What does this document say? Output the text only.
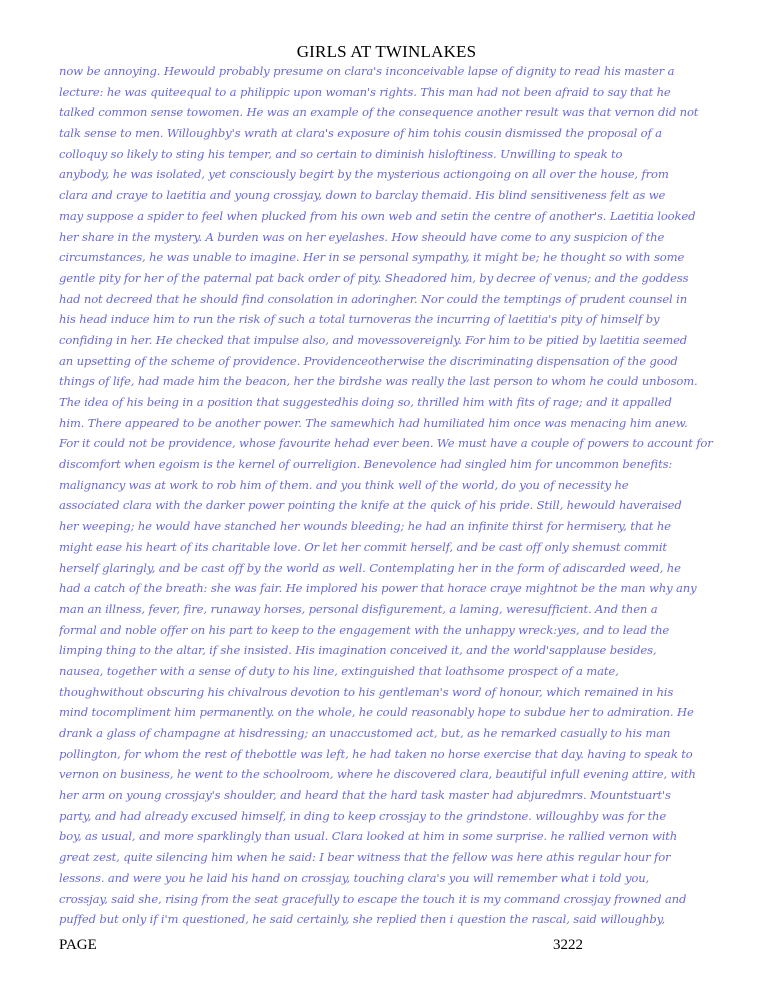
GIRLS AT TWINLAKES
now be annoying. Hewould probably presume on clara's inconceivable lapse of dignity to read his master a
lecture: he was quiteequal to a philippic upon woman's rights. This man had not been afraid to say that he
talked common sense towomen. He was an example of the consequence another result was that vernon did not
talk sense to men. Willoughby's wrath at clara's exposure of him tohis cousin dismissed the proposal of a
colloquy so likely to sting his temper, and so certain to diminish hisloftiness. Unwilling to speak to
anybody, he was isolated, yet consciously begirt by the mysterious actiongoing on all over the house, from
clara and craye to laetitia and young crossjay, down to barclay themaid. His blind sensitiveness felt as we
may suppose a spider to feel when plucked from his own web and setin the centre of another's. Laetitia looked
her share in the mystery. A burden was on her eyelashes. How sheould have come to any suspicion of the
circumstances, he was unable to imagine. Her in se personal sympathy, it might be; he thought so with some
gentle pity for her of the paternal pat back order of pity. Sheadored him, by decree of venus; and the goddess
had not decreed that he should find consolation in adoringher. Nor could the temptings of prudent counsel in
his head induce him to run the risk of such a total turnoveras the incurring of laetitia's pity of himself by
confiding in her. He checked that impulse also, and movessovereignly. For him to be pitied by laetitia seemed
an upsetting of the scheme of providence. Providenceotherwise the discriminating dispensation of the good
things of life, had made him the beacon, her the birdshe was really the last person to whom he could unbosom.
The idea of his being in a position that suggestedhis doing so, thrilled him with fits of rage; and it appalled
him. There appeared to be another power. The samewhich had humiliated him once was menacing him anew.
For it could not be providence, whose favourite hehad ever been. We must have a couple of powers to account for
discomfort when egoism is the kernel of ourreligion. Benevolence had singled him for uncommon benefits:
malignancy was at work to rob him of them. and you think well of the world, do you of necessity he
associated clara with the darker power pointing the knife at the quick of his pride. Still, hewould haveraised
her weeping; he would have stanched her wounds bleeding; he had an infinite thirst for hermisery, that he
might ease his heart of its charitable love. Or let her commit herself, and be cast off only shemust commit
herself glaringly, and be cast off by the world as well. Contemplating her in the form of adiscarded weed, he
had a catch of the breath: she was fair. He implored his power that horace craye mightnot be the man why any
man an illness, fever, fire, runaway horses, personal disfigurement, a laming, weresufficient. And then a
formal and noble offer on his part to keep to the engagement with the unhappy wreck:yes, and to lead the
limping thing to the altar, if she insisted. His imagination conceived it, and the world'sapplause besides,
nausea, together with a sense of duty to his line, extinguished that loathsome prospect of a mate,
thoughwithout obscuring his chivalrous devotion to his gentleman's word of honour, which remained in his
mind tocompliment him permanently. on the whole, he could reasonably hope to subdue her to admiration. He
drank a glass of champagne at hisdressing; an unaccustomed act, but, as he remarked casually to his man
pollington, for whom the rest of thebottle was left, he had taken no horse exercise that day. having to speak to
vernon on business, he went to the schoolroom, where he discovered clara, beautiful infull evening attire, with
her arm on young crossjay's shoulder, and heard that the hard task master had abjuredmrs. Mountstuart's
party, and had already excused himself, in ding to keep crossjay to the grindstone. willoughby was for the
boy, as usual, and more sparklingly than usual. Clara looked at him in some surprise. he rallied vernon with
great zest, quite silencing him when he said: I bear witness that the fellow was here athis regular hour for
lessons. and were you he laid his hand on crossjay, touching clara's you will remember what i told you,
crossjay, said she, rising from the seat gracefully to escape the touch it is my command crossjay frowned and
puffed but only if i'm questioned, he said certainly, she replied then i question the rascal, said willoughby,
PAGE	3222
